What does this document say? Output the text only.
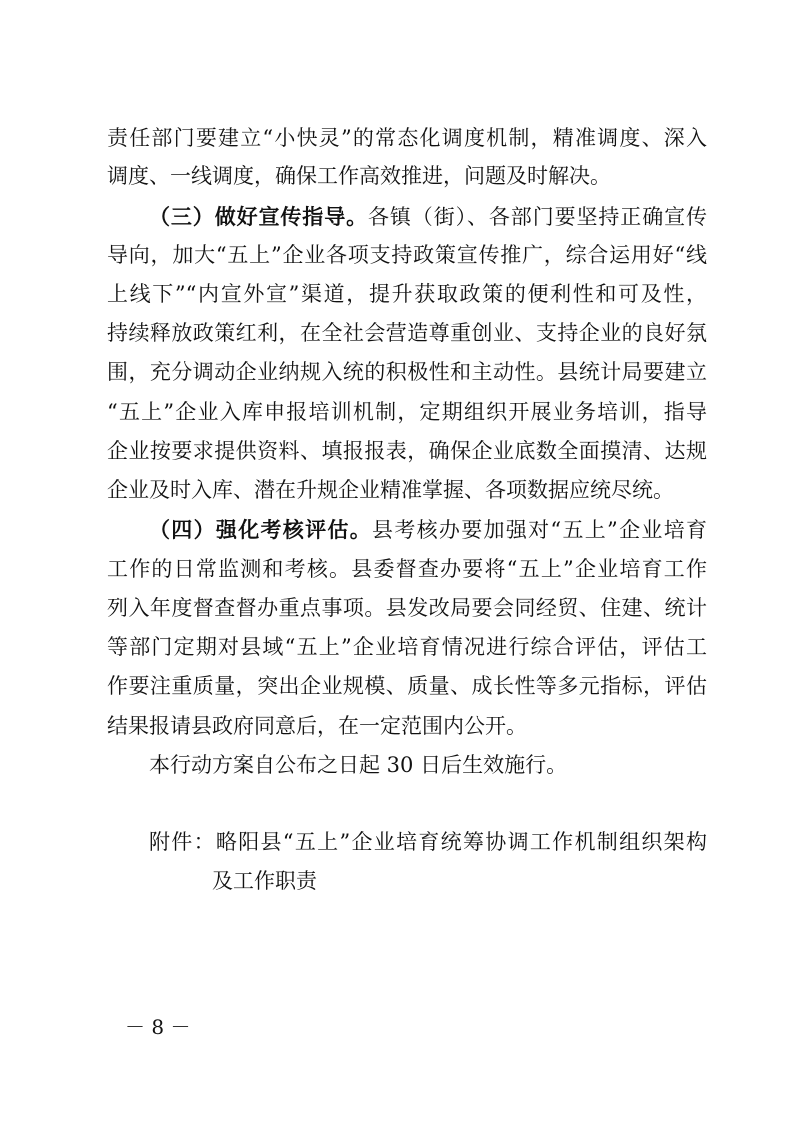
责任部门要建立“小快灵”的常态化调度机制，精准调度、深入
调度、一线调度，确保工作高效推进，问题及时解决。
（三）做好宣传指导。各镇（街）、各部门要坚持正确宣传
导向，加大“五上”企业各项支持政策宣传推广，综合运用好“线
上线下”“内宣外宣”渠道，提升获取政策的便利性和可及性，
持续释放政策红利，在全社会营造尊重创业、支持企业的良好氛
围，充分调动企业纳规入统的积极性和主动性。县统计局要建立
“五上”企业入库申报培训机制，定期组织开展业务培训，指导
企业按要求提供资料、填报报表，确保企业底数全面摸清、达规
企业及时入库、潜在升规企业精准掌握、各项数据应统尽统。
（四）强化考核评估。县考核办要加强对“五上”企业培育
工作的日常监测和考核。县委督查办要将“五上”企业培育工作
列入年度督查督办重点事项。县发改局要会同经贸、住建、统计
等部门定期对县域“五上”企业培育情况进行综合评估，评估工
作要注重质量，突出企业规模、质量、成长性等多元指标，评估
结果报请县政府同意后，在一定范围内公开。
本行动方案自公布之日起 30 日后生效施行。
附件：略阳县“五上”企业培育统筹协调工作机制组织架构
及工作职责
－ 8 －
